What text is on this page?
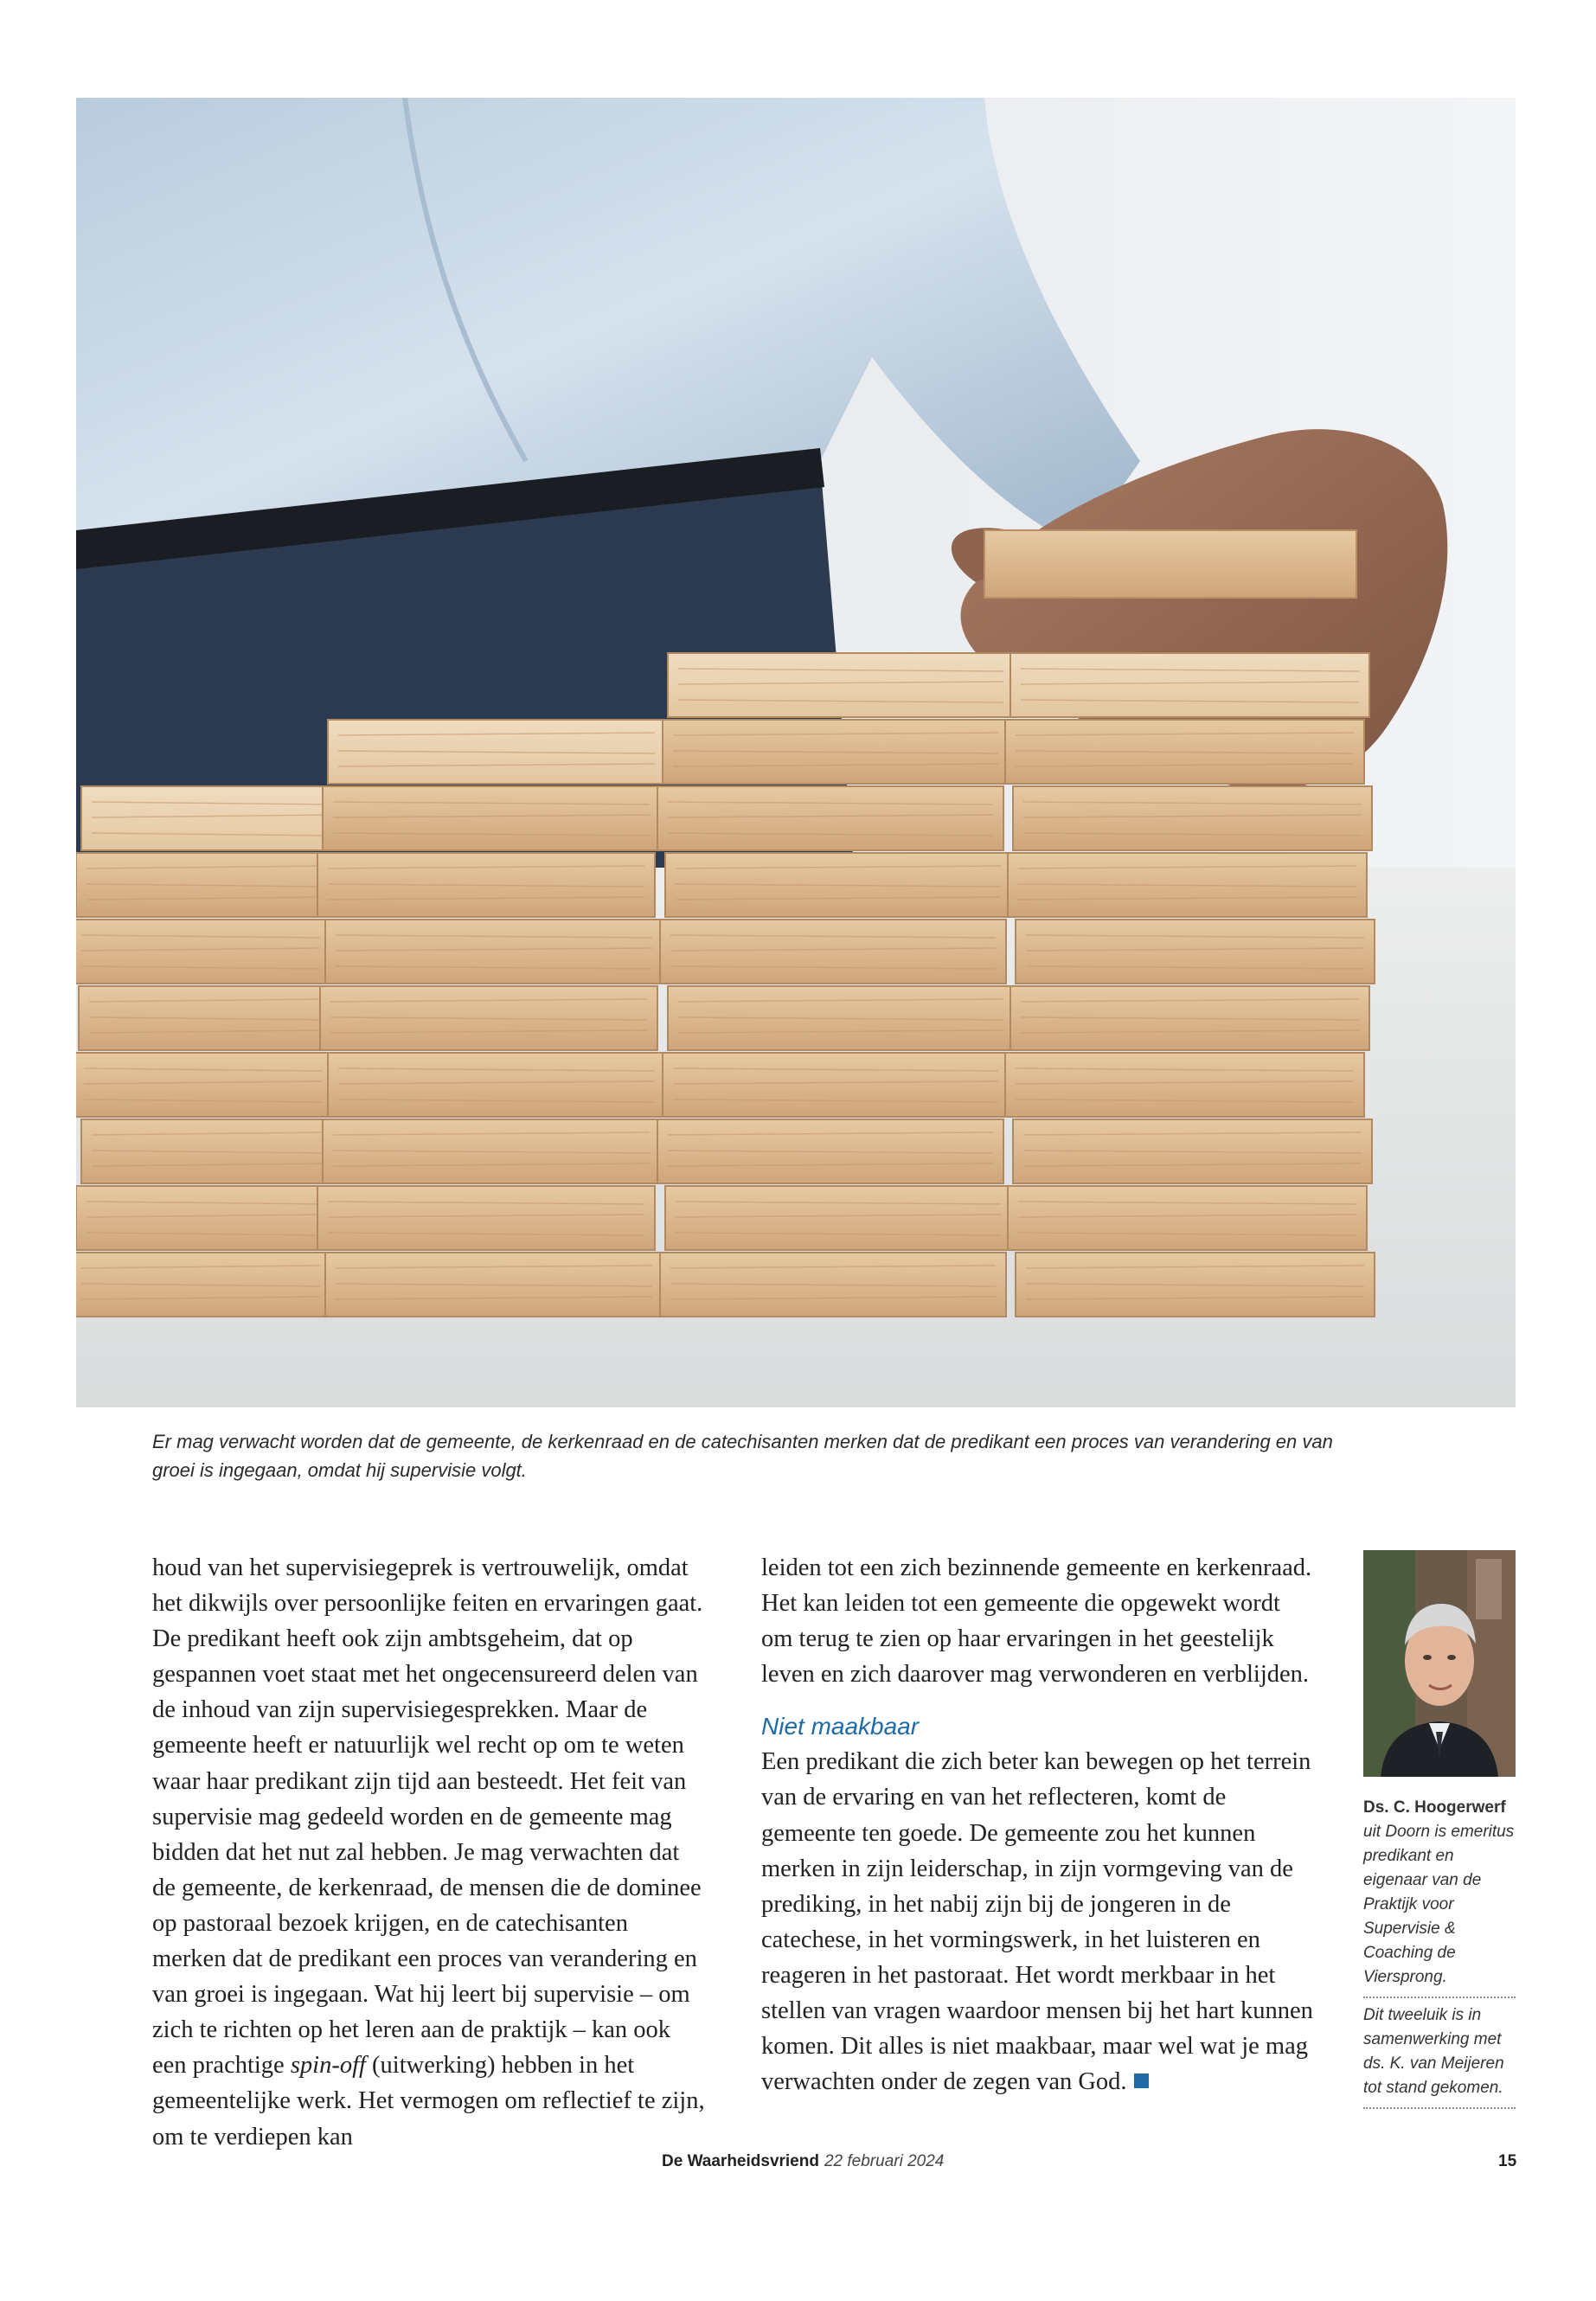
Er mag verwacht worden dat de gemeente, de kerkenraad en de catechisanten merken dat de predikant een proces van verandering en van groei is ingegaan, omdat hij supervisie volgt.

houd van het supervisiegeprek is vertrouwelijk, omdat het dikwijls over persoonlijke feiten en ervaringen gaat. De predikant heeft ook zijn ambtsgeheim, dat op gespannen voet staat met het ongecensureerd delen van de inhoud van zijn supervisiegesprekken. Maar de gemeente heeft er natuurlijk wel recht op om te weten waar haar predikant zijn tijd aan besteedt. Het feit van supervisie mag gedeeld worden en de gemeente mag bidden dat het nut zal hebben. Je mag verwachten dat de gemeente, de kerkenraad, de mensen die de dominee op pastoraal bezoek krijgen, en de catechisanten merken dat de predikant een proces van verandering en van groei is ingegaan. Wat hij leert bij supervisie – om zich te richten op het leren aan de praktijk – kan ook een prachtige spin-off (uitwerking) hebben in het gemeentelijke werk. Het vermogen om reflectief te zijn, om te verdiepen kan

leiden tot een zich bezinnende gemeente en kerkenraad. Het kan leiden tot een gemeente die opgewekt wordt om terug te zien op haar ervaringen in het geestelijk leven en zich daarover mag verwonderen en verblijden.

Niet maakbaar

Een predikant die zich beter kan bewegen op het terrein van de ervaring en van het reflecteren, komt de gemeente ten goede. De gemeente zou het kunnen merken in zijn leiderschap, in zijn vormgeving van de prediking, in het nabij zijn bij de jongeren in de catechese, in het vormingswerk, in het luisteren en reageren in het pastoraat. Het wordt merkbaar in het stellen van vragen waardoor mensen bij het hart kunnen komen. Dit alles is niet maakbaar, maar wel wat je mag verwachten onder de zegen van God.

Ds. C. Hoogerwerf
uit Doorn is emeritus predikant en eigenaar van de Praktijk voor Supervisie & Coaching de Viersprong.
Dit tweeluik is in samenwerking met ds. K. van Meijeren tot stand gekomen.
De Waarheidsvriend 22 februari 2024	15
